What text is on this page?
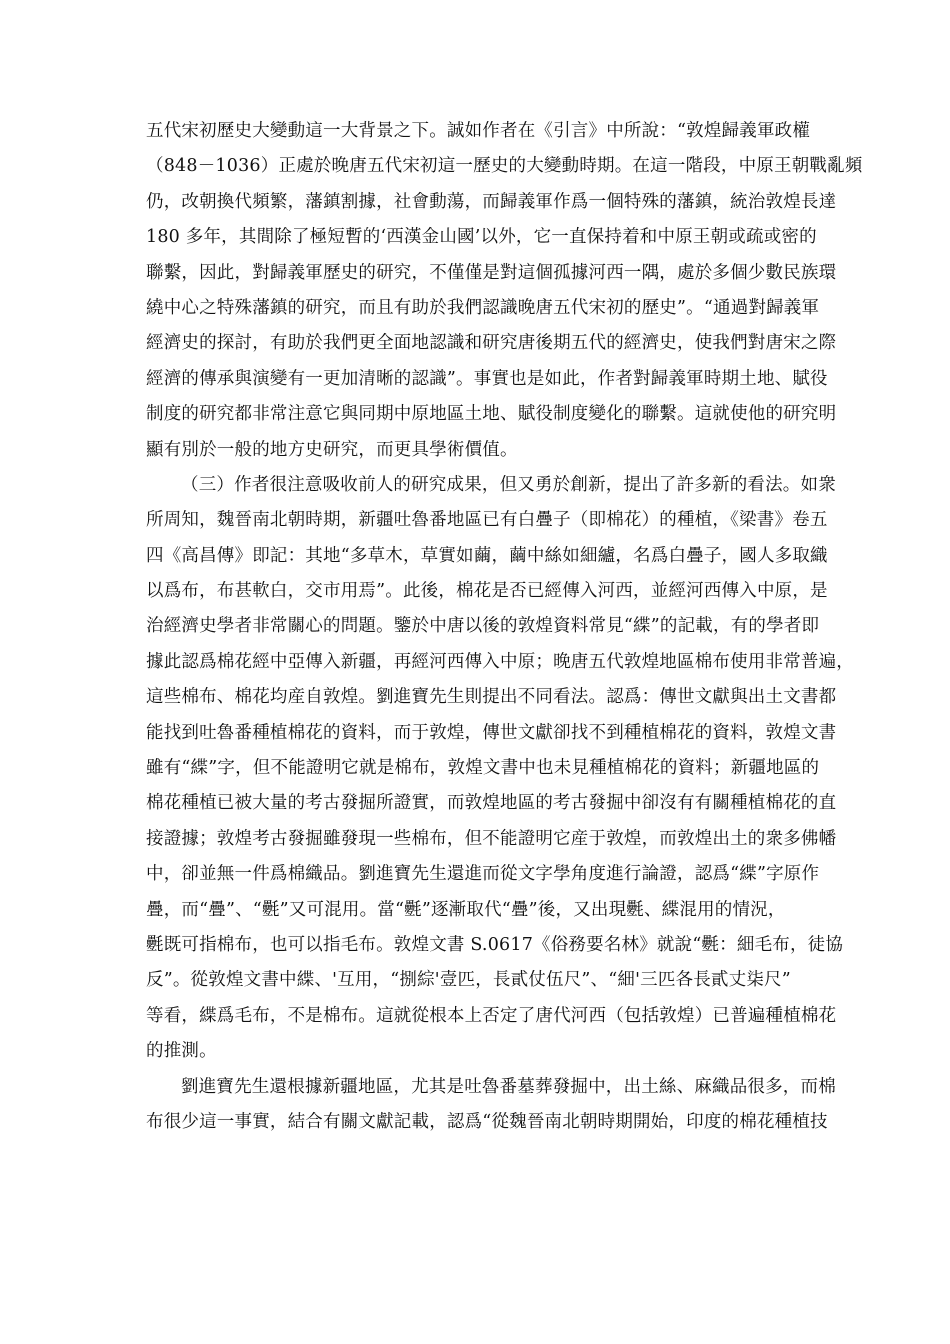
五代宋初歷史大變動這一大背景之下。誠如作者在《引言》中所說：“敦煌歸義軍政權
（848－1036）正處於晚唐五代宋初這一歷史的大變動時期。在這一階段，中原王朝戰亂頻
仍，改朝換代頻繁，藩鎮割據，社會動蕩，而歸義軍作爲一個特殊的藩鎮，統治敦煌長達
180 多年，其間除了極短暫的‘西漢金山國’以外，它一直保持着和中原王朝或疏或密的
聯繫，因此，對歸義軍歷史的研究，不僅僅是對這個孤據河西一隅，處於多個少數民族環
繞中心之特殊藩鎮的研究，而且有助於我們認識晚唐五代宋初的歷史”。“通過對歸義軍
經濟史的探討，有助於我們更全面地認識和研究唐後期五代的經濟史，使我們對唐宋之際
經濟的傳承與演變有一更加清晰的認識”。事實也是如此，作者對歸義軍時期土地、賦役
制度的研究都非常注意它與同期中原地區土地、賦役制度變化的聯繫。這就使他的研究明
顯有別於一般的地方史研究，而更具學術價值。
（三）作者很注意吸收前人的研究成果，但又勇於創新，提出了許多新的看法。如衆
所周知，魏晉南北朝時期，新疆吐魯番地區已有白疊子（即棉花）的種植，《梁書》卷五
四《高昌傳》即記：其地“多草木，草實如繭，繭中絲如細纑，名爲白疊子，國人多取織
以爲布，布甚軟白，交市用焉”。此後，棉花是否已經傳入河西，並經河西傳入中原，是
治經濟史學者非常關心的問題。鑒於中唐以後的敦煌資料常見“緤”的記載，有的學者即
據此認爲棉花經中亞傳入新疆，再經河西傳入中原；晚唐五代敦煌地區棉布使用非常普遍，
這些棉布、棉花均産自敦煌。劉進寶先生則提出不同看法。認爲：傳世文獻與出土文書都
能找到吐魯番種植棉花的資料，而于敦煌，傳世文獻卻找不到種植棉花的資料，敦煌文書
雖有“緤”字，但不能證明它就是棉布，敦煌文書中也未見種植棉花的資料；新疆地區的
棉花種植已被大量的考古發掘所證實，而敦煌地區的考古發掘中卻沒有有關種植棉花的直
接證據；敦煌考古發掘雖發現一些棉布，但不能證明它産于敦煌，而敦煌出土的衆多佛幡
中，卻並無一件爲棉織品。劉進寶先生還進而從文字學角度進行論證，認爲“緤”字原作
疊，而“疊”、“氎”又可混用。當“氎”逐漸取代“疊”後，又出現氎、緤混用的情況，
氎既可指棉布，也可以指毛布。敦煌文書 S.0617《俗務要名林》就說“氎：細毛布，徒協
反”。從敦煌文書中緤、'互用，“捌綜'壹匹，長貳仗伍尺”、“細'三匹各長貳丈柒尺”
等看，緤爲毛布，不是棉布。這就從根本上否定了唐代河西（包括敦煌）已普遍種植棉花
的推測。
劉進寶先生還根據新疆地區，尤其是吐魯番墓葬發掘中，出土絲、麻織品很多，而棉
布很少這一事實，結合有關文獻記載，認爲“從魏晉南北朝時期開始，印度的棉花種植技
